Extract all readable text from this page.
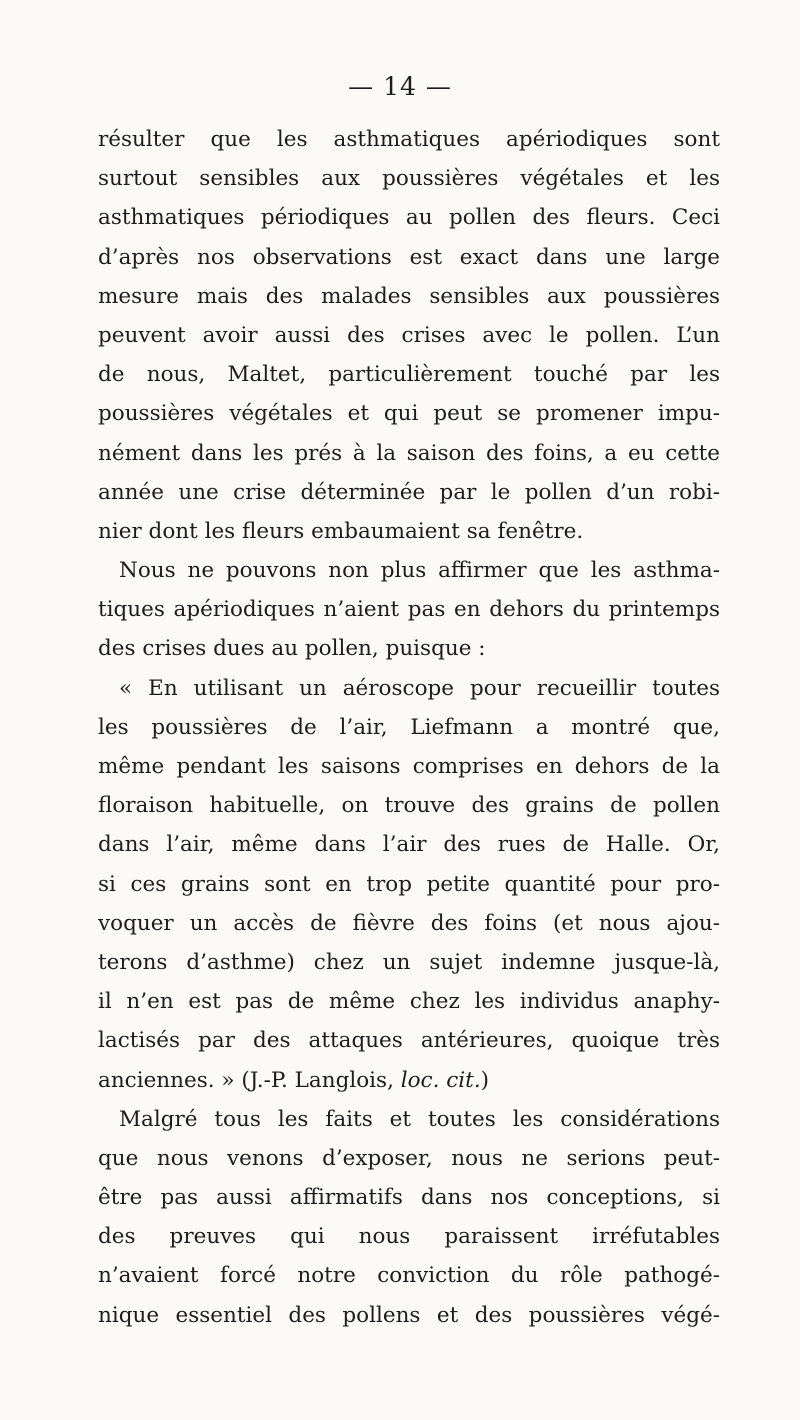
— 14 —
résulter que les asthmatiques apériodiques sont
surtout sensibles aux poussières végétales et les
asthmatiques périodiques au pollen des fleurs. Ceci
d’après nos observations est exact dans une large
mesure mais des malades sensibles aux poussières
peuvent avoir aussi des crises avec le pollen. L’un
de nous, Maltet, particulièrement touché par les
poussières végétales et qui peut se promener impu-
nément dans les prés à la saison des foins, a eu cette
année une crise déterminée par le pollen d’un robi-
nier dont les fleurs embaumaient sa fenêtre.
Nous ne pouvons non plus affirmer que les asthma-
tiques apériodiques n’aient pas en dehors du printemps
des crises dues au pollen, puisque :
« En utilisant un aéroscope pour recueillir toutes
les poussières de l’air, Liefmann a montré que,
même pendant les saisons comprises en dehors de la
floraison habituelle, on trouve des grains de pollen
dans l’air, même dans l’air des rues de Halle. Or,
si ces grains sont en trop petite quantité pour pro-
voquer un accès de fièvre des foins (et nous ajou-
terons d’asthme) chez un sujet indemne jusque-là,
il n’en est pas de même chez les individus anaphy-
lactisés par des attaques antérieures, quoique très
anciennes. » (J.-P. Langlois, loc. cit.)
Malgré tous les faits et toutes les considérations
que nous venons d’exposer, nous ne serions peut-
être pas aussi affirmatifs dans nos conceptions, si
des preuves qui nous paraissent irréfutables
n’avaient forcé notre conviction du rôle pathogé-
nique essentiel des pollens et des poussières végé-
